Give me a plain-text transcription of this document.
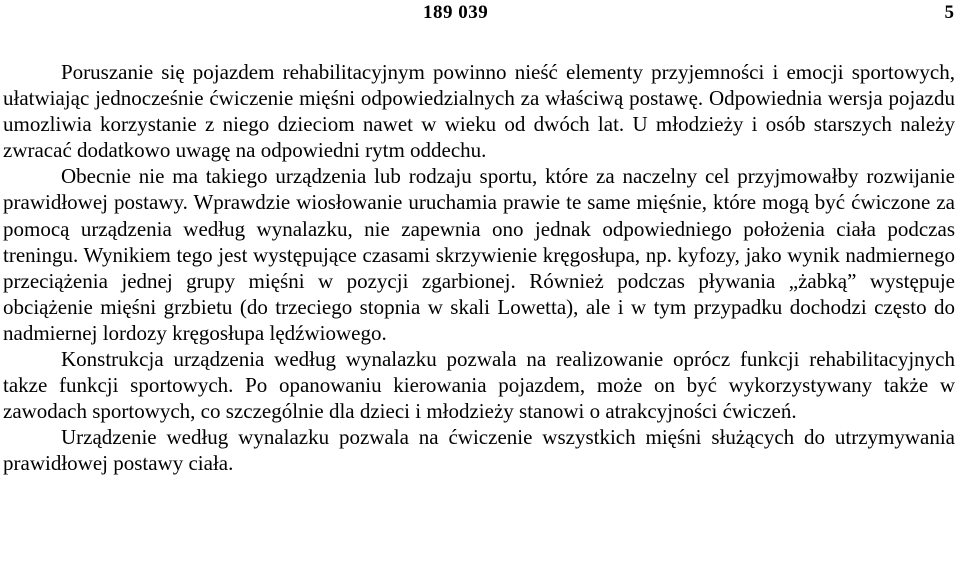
189 039	5

Poruszanie się pojazdem rehabilitacyjnym powinno nieść elementy przyjemności i emocji sportowych, ułatwiając jednocześnie ćwiczenie mięśni odpowiedzialnych za właściwą postawę. Odpowiednia wersja pojazdu umozliwia korzystanie z niego dzieciom nawet w wieku od dwóch lat. U młodzieży i osób starszych należy zwracać dodatkowo uwagę na odpowiedni rytm oddechu.

Obecnie nie ma takiego urządzenia lub rodzaju sportu, które za naczelny cel przyjmowałby rozwijanie prawidłowej postawy. Wprawdzie wiosłowanie uruchamia prawie te same mięśnie, które mogą być ćwiczone za pomocą urządzenia według wynalazku, nie zapewnia ono jednak odpowiedniego położenia ciała podczas treningu. Wynikiem tego jest występujące czasami skrzywienie kręgosłupa, np. kyfozy, jako wynik nadmiernego przeciążenia jednej grupy mięśni w pozycji zgarbionej. Również podczas pływania „żabką” występuje obciążenie mięśni grzbietu (do trzeciego stopnia w skali Lowetta), ale i w tym przypadku dochodzi często do nadmiernej lordozy kręgosłupa lędźwiowego.

Konstrukcja urządzenia według wynalazku pozwala na realizowanie oprócz funkcji rehabilitacyjnych takze funkcji sportowych. Po opanowaniu kierowania pojazdem, może on być wykorzystywany także w zawodach sportowych, co szczególnie dla dzieci i młodzieży stanowi o atrakcyjności ćwiczeń.

Urządzenie według wynalazku pozwala na ćwiczenie wszystkich mięśni służących do utrzymywania prawidłowej postawy ciała.
